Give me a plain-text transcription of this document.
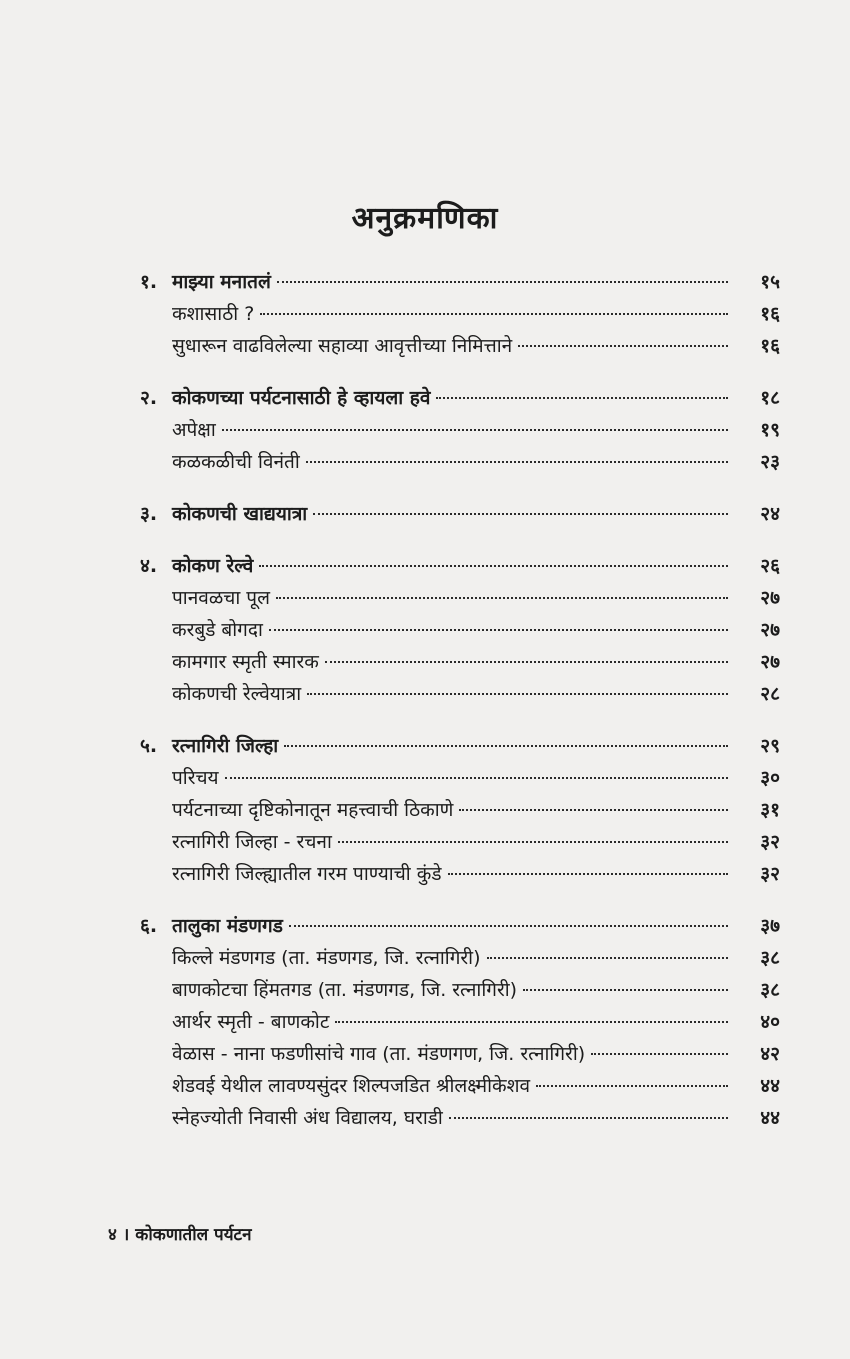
अनुक्रमणिका
१. माझ्या मनातलं	१५
कशासाठी ?	१६
सुधारून वाढविलेल्या सहाव्या आवृत्तीच्या निमित्ताने	१६
२. कोकणच्या पर्यटनासाठी हे व्हायला हवे	१८
अपेक्षा	१९
कळकळीची विनंती	२३
३. कोकणची खाद्ययात्रा	२४
४. कोकण रेल्वे	२६
पानवळचा पूल	२७
करबुडे बोगदा	२७
कामगार स्मृती स्मारक	२७
कोकणची रेल्वेयात्रा	२८
५. रत्नागिरी जिल्हा	२९
परिचय	३०
पर्यटनाच्या दृष्टिकोनातून महत्त्वाची ठिकाणे	३१
रत्नागिरी जिल्हा - रचना	३२
रत्नागिरी जिल्ह्यातील गरम पाण्याची कुंडे	३२
६. तालुका मंडणगड	३७
किल्ले मंडणगड (ता. मंडणगड, जि. रत्नागिरी)	३८
बाणकोटचा हिंमतगड (ता. मंडणगड, जि. रत्नागिरी)	३८
आर्थर स्मृती - बाणकोट	४०
वेळास - नाना फडणीसांचे गाव (ता. मंडणगण, जि. रत्नागिरी)	४२
शेडवई येथील लावण्यसुंदर शिल्पजडित श्रीलक्ष्मीकेशव	४४
स्नेहज्योती निवासी अंध विद्यालय, घराडी	४४
४ । कोकणातील पर्यटन
